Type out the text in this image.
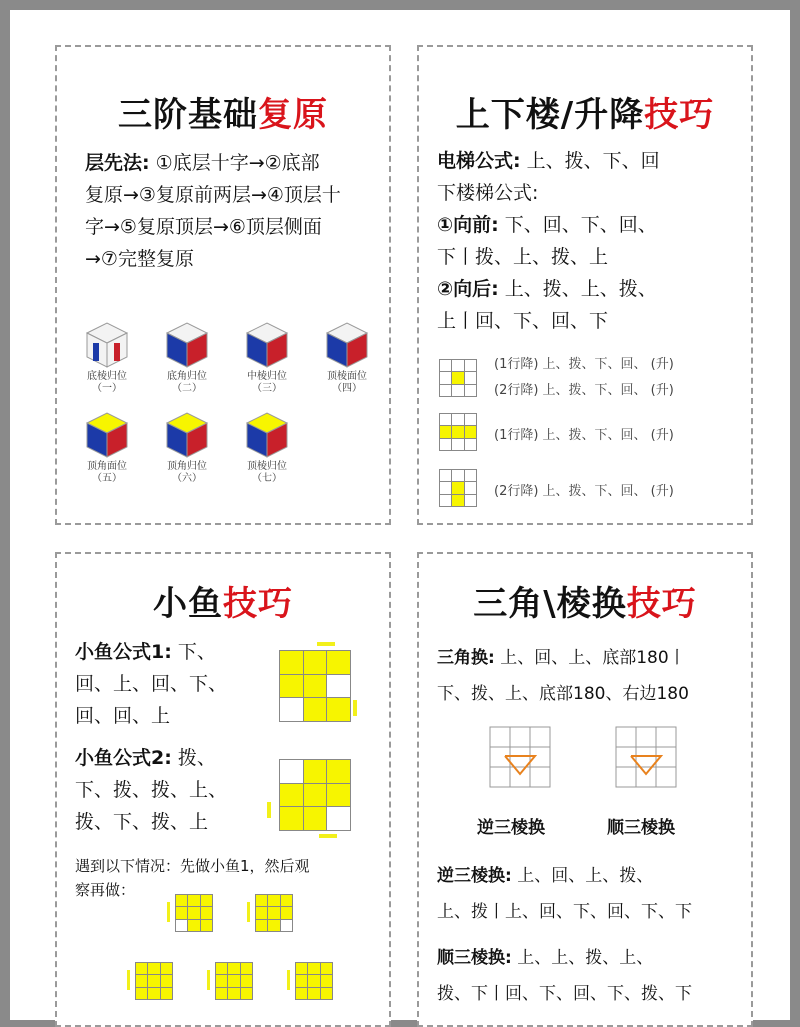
三阶基础复原
层先法: ①底层十字→②底部
复原→③复原前两层→④顶层十
字→⑤复原顶层→⑥顶层侧面
→⑦完整复原
底棱归位
（一）
底角归位
（二）
中棱归位
（三）
顶棱面位
（四）
顶角面位
（五）
顶角归位
（六）
顶棱归位
（七）
上下楼/升降技巧
电梯公式: 上、拨、下、回
下楼梯公式:
①向前: 下、回、下、回、
下丨拨、上、拨、上
②向后: 上、拨、上、拨、
上丨回、下、回、下
(1行降) 上、拨、下、回、 (升)
(2行降) 上、拨、下、回、 (升)
(1行降) 上、拨、下、回、 (升)
(2行降) 上、拨、下、回、 (升)
小鱼技巧
小鱼公式1: 下、
回、上、回、下、
回、回、上
小鱼公式2: 拨、
下、拨、拨、上、
拨、下、拨、上
遇到以下情况：先做小鱼1，然后观
察再做：
三角\棱换技巧
三角换: 上、回、上、底部180丨
下、拨、上、底部180、右边180
逆三棱换	顺三棱换
逆三棱换: 上、回、上、拨、
上、拨丨上、回、下、回、下、下
顺三棱换: 上、上、拨、上、
拨、下丨回、下、回、下、拨、下
